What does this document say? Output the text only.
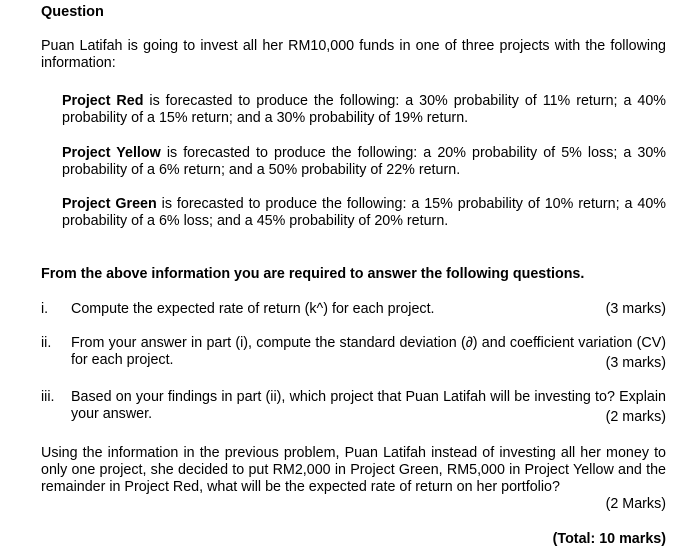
Question
Puan Latifah is going to invest all her RM10,000 funds in one of three projects with the following information:
Project Red is forecasted to produce the following: a 30% probability of 11% return; a 40% probability of a 15% return; and a 30% probability of 19% return.
Project Yellow is forecasted to produce the following: a 20% probability of 5% loss; a 30% probability of a 6% return; and a 50% probability of 22% return.
Project Green is forecasted to produce the following: a 15% probability of 10% return; a 40% probability of a 6% loss; and a 45% probability of 20% return.
From the above information you are required to answer the following questions.
i. Compute the expected rate of return (k^) for each project.	(3 marks)
ii. From your answer in part (i), compute the standard deviation (∂) and coefficient variation (CV) for each project.	(3 marks)
iii. Based on your findings in part (ii), which project that Puan Latifah will be investing to? Explain your answer.	(2 marks)
Using the information in the previous problem, Puan Latifah instead of investing all her money to only one project, she decided to put RM2,000 in Project Green, RM5,000 in Project Yellow and the remainder in Project Red, what will be the expected rate of return on her portfolio?
(2 Marks)
(Total: 10 marks)
